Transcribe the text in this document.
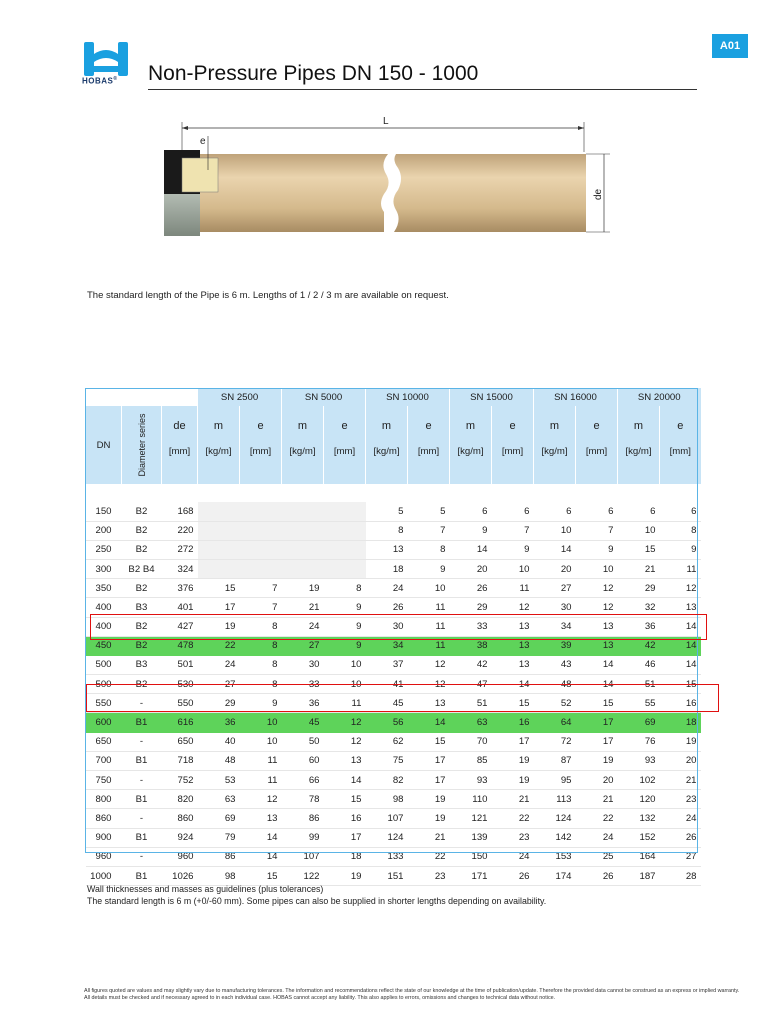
HOBAS® Non-Pressure Pipes DN 150 - 1000
A01
L
e
de
The standard length of the Pipe is 6 m. Lengths of 1 / 2 / 3 m are available on request.
			SN 2500		SN 5000		SN 10000		SN 15000		SN 16000		SN 20000	
DN	Diameter series	de	m	e	m	e	m	e	m	e	m	e	m	e
		[mm]	[kg/m]	[mm]	[kg/m]	[mm]	[kg/m]	[mm]	[kg/m]	[mm]	[kg/m]	[mm]	[kg/m]	[mm]

150	B2	168					5	5	6	6	6	6	6	6
200	B2	220					8	7	9	7	10	7	10	8
250	B2	272					13	8	14	9	14	9	15	9
300	B2 B4	324					18	9	20	10	20	10	21	11
350	B2	376	15	7	19	8	24	10	26	11	27	12	29	12
400	B3	401	17	7	21	9	26	11	29	12	30	12	32	13
400	B2	427	19	8	24	9	30	11	33	13	34	13	36	14
450	B2	478	22	8	27	9	34	11	38	13	39	13	42	14
500	B3	501	24	8	30	10	37	12	42	13	43	14	46	14
500	B2	530	27	8	33	10	41	12	47	14	48	14	51	15
550	-	550	29	9	36	11	45	13	51	15	52	15	55	16
600	B1	616	36	10	45	12	56	14	63	16	64	17	69	18
650	-	650	40	10	50	12	62	15	70	17	72	17	76	19
700	B1	718	48	11	60	13	75	17	85	19	87	19	93	20
750	-	752	53	11	66	14	82	17	93	19	95	20	102	21
800	B1	820	63	12	78	15	98	19	110	21	113	21	120	23
860	-	860	69	13	86	16	107	19	121	22	124	22	132	24
900	B1	924	79	14	99	17	124	21	139	23	142	24	152	26
960	-	960	86	14	107	18	133	22	150	24	153	25	164	27
1000	B1	1026	98	15	122	19	151	23	171	26	174	26	187	28
Wall thicknesses and masses as guidelines (plus tolerances)
The standard length is 6 m (+0/-60 mm). Some pipes can also be supplied in shorter lengths depending on availability.
All figures quoted are values and may slightly vary due to manufacturing tolerances. The information and recommendations reflect the state of our knowledge at the time of publication/update. Therefore the provided data cannot be construed as an express or implied warranty. All details must be checked and if necessary agreed to in each individual case. HOBAS cannot accept any liability. This also applies to errors, omissions and changes to technical data without notice.
